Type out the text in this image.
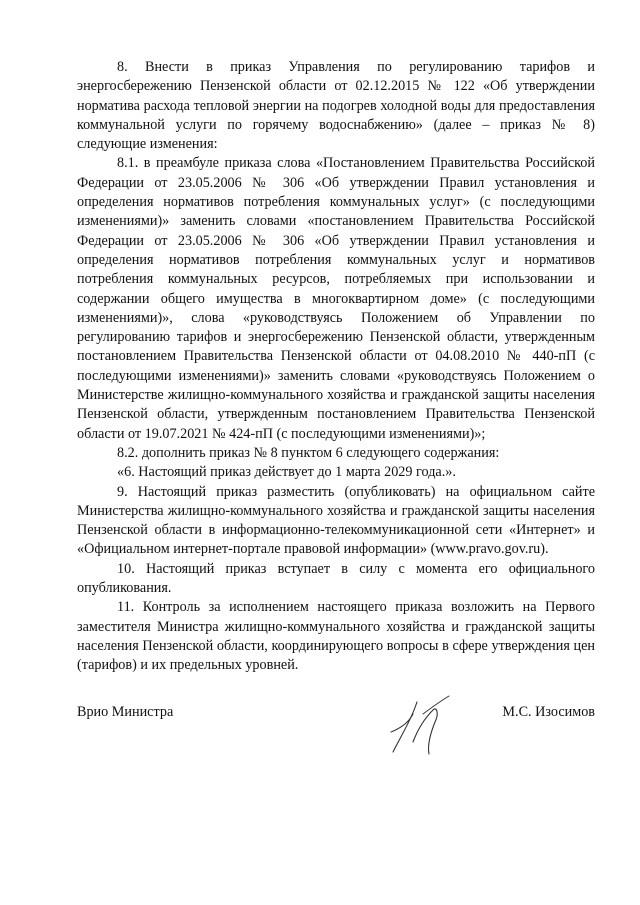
8. Внести в приказ Управления по регулированию тарифов и энергосбережению Пензенской области от 02.12.2015 № 122 «Об утверждении норматива расхода тепловой энергии на подогрев холодной воды для предоставления коммунальной услуги по горячему водоснабжению» (далее – приказ № 8) следующие изменения:

8.1. в преамбуле приказа слова «Постановлением Правительства Российской Федерации от 23.05.2006 № 306 «Об утверждении Правил установления и определения нормативов потребления коммунальных услуг» (с последующими изменениями)» заменить словами «постановлением Правительства Российской Федерации от 23.05.2006 № 306 «Об утверждении Правил установления и определения нормативов потребления коммунальных услуг и нормативов потребления коммунальных ресурсов, потребляемых при использовании и содержании общего имущества в многоквартирном доме» (с последующими изменениями)», слова «руководствуясь Положением об Управлении по регулированию тарифов и энергосбережению Пензенской области, утвержденным постановлением Правительства Пензенской области от 04.08.2010 № 440-пП (с последующими изменениями)» заменить словами «руководствуясь Положением о Министерстве жилищно-коммунального хозяйства и гражданской защиты населения Пензенской области, утвержденным постановлением Правительства Пензенской области от 19.07.2021 № 424-пП (с последующими изменениями)»;

8.2. дополнить приказ № 8 пунктом 6 следующего содержания:

«6. Настоящий приказ действует до 1 марта 2029 года.».

9. Настоящий приказ разместить (опубликовать) на официальном сайте Министерства жилищно-коммунального хозяйства и гражданской защиты населения Пензенской области в информационно-телекоммуникационной сети «Интернет» и «Официальном интернет-портале правовой информации» (www.pravo.gov.ru).

10. Настоящий приказ вступает в силу с момента его официального опубликования.

11. Контроль за исполнением настоящего приказа возложить на Первого заместителя Министра жилищно-коммунального хозяйства и гражданской защиты населения Пензенской области, координирующего вопросы в сфере утверждения цен (тарифов) и их предельных уровней.

Врио Министра	М.С. Изосимов
